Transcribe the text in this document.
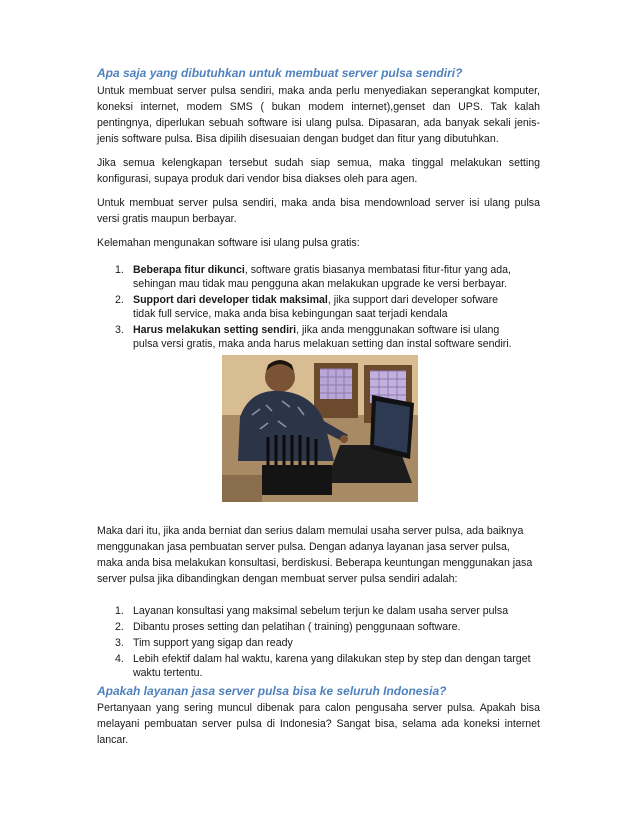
Apa saja yang dibutuhkan untuk membuat server pulsa sendiri?
Untuk membuat server pulsa sendiri, maka anda perlu menyediakan seperangkat komputer,
koneksi internet, modem SMS ( bukan modem internet),genset dan UPS. Tak kalah
pentingnya, diperlukan sebuah software isi ulang pulsa. Dipasaran, ada banyak sekali jenis-
jenis software pulsa. Bisa dipilih disesuaian dengan budget dan fitur yang dibutuhkan.
Jika semua kelengkapan tersebut sudah siap semua, maka tinggal melakukan setting
konfigurasi, supaya produk dari vendor bisa diakses oleh para agen.
Untuk membuat server pulsa sendiri, maka anda bisa mendownload server isi ulang pulsa
versi gratis maupun berbayar.
Kelemahan mengunakan software isi ulang pulsa gratis:
1. Beberapa fitur dikunci, software gratis biasanya membatasi fitur-fitur yang ada,
sehingan mau tidak mau pengguna akan melakukan upgrade ke versi berbayar.
2. Support dari developer tidak maksimal, jika support dari developer sofware
tidak full service, maka anda bisa kebingungan saat terjadi kendala
3. Harus melakukan setting sendiri, jika anda menggunakan software isi ulang
pulsa versi gratis, maka anda harus melakuan setting dan instal software sendiri.
Maka dari itu, jika anda berniat dan serius dalam memulai usaha server pulsa, ada baiknya
menggunakan jasa pembuatan server pulsa. Dengan adanya layanan jasa server pulsa,
maka anda bisa melakukan konsultasi, berdiskusi. Beberapa keuntungan menggunakan jasa
server pulsa jika dibandingkan dengan membuat server pulsa sendiri adalah:
1. Layanan konsultasi yang maksimal sebelum terjun ke dalam usaha server pulsa
2. Dibantu proses setting dan pelatihan ( training) penggunaan software.
3. Tim support yang sigap dan ready
4. Lebih efektif dalam hal waktu, karena yang dilakukan step by step dan dengan target
waktu tertentu.
Apakah layanan jasa server pulsa bisa ke seluruh Indonesia?
Pertanyaan yang sering muncul dibenak para calon pengusaha server pulsa. Apakah bisa
melayani pembuatan server pulsa di Indonesia? Sangat bisa, selama ada koneksi internet
lancar.
